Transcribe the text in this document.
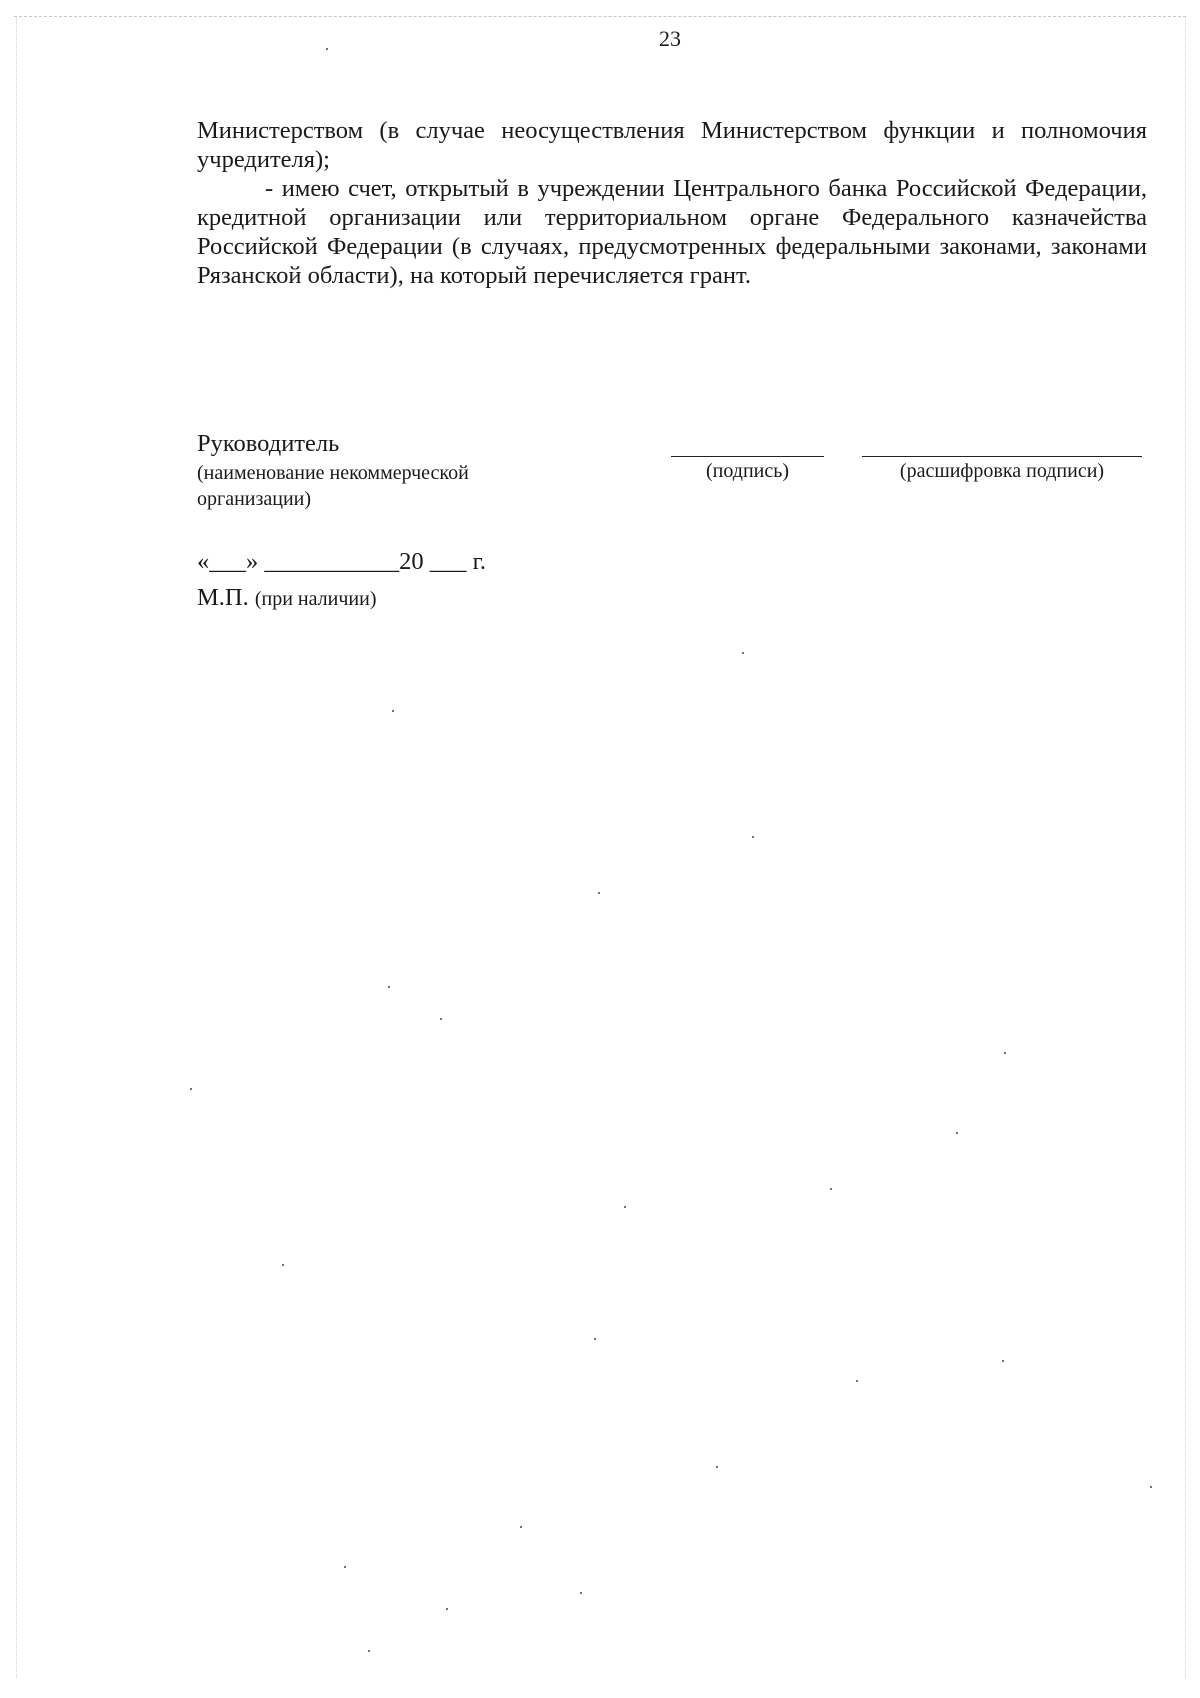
23

Министерством (в случае неосуществления Министерством функции и полномочия учредителя);

- имею счет, открытый в учреждении Центрального банка Российской Федерации, кредитной организации или территориальном органе Федерального казначейства Российской Федерации (в случаях, предусмотренных федеральными законами, законами Рязанской области), на который перечисляется грант.

Руководитель
(наименование некоммерческой организации)
(подпись)	(расшифровка подписи)
«___» ___________20 ___ г.
М.П. (при наличии)
